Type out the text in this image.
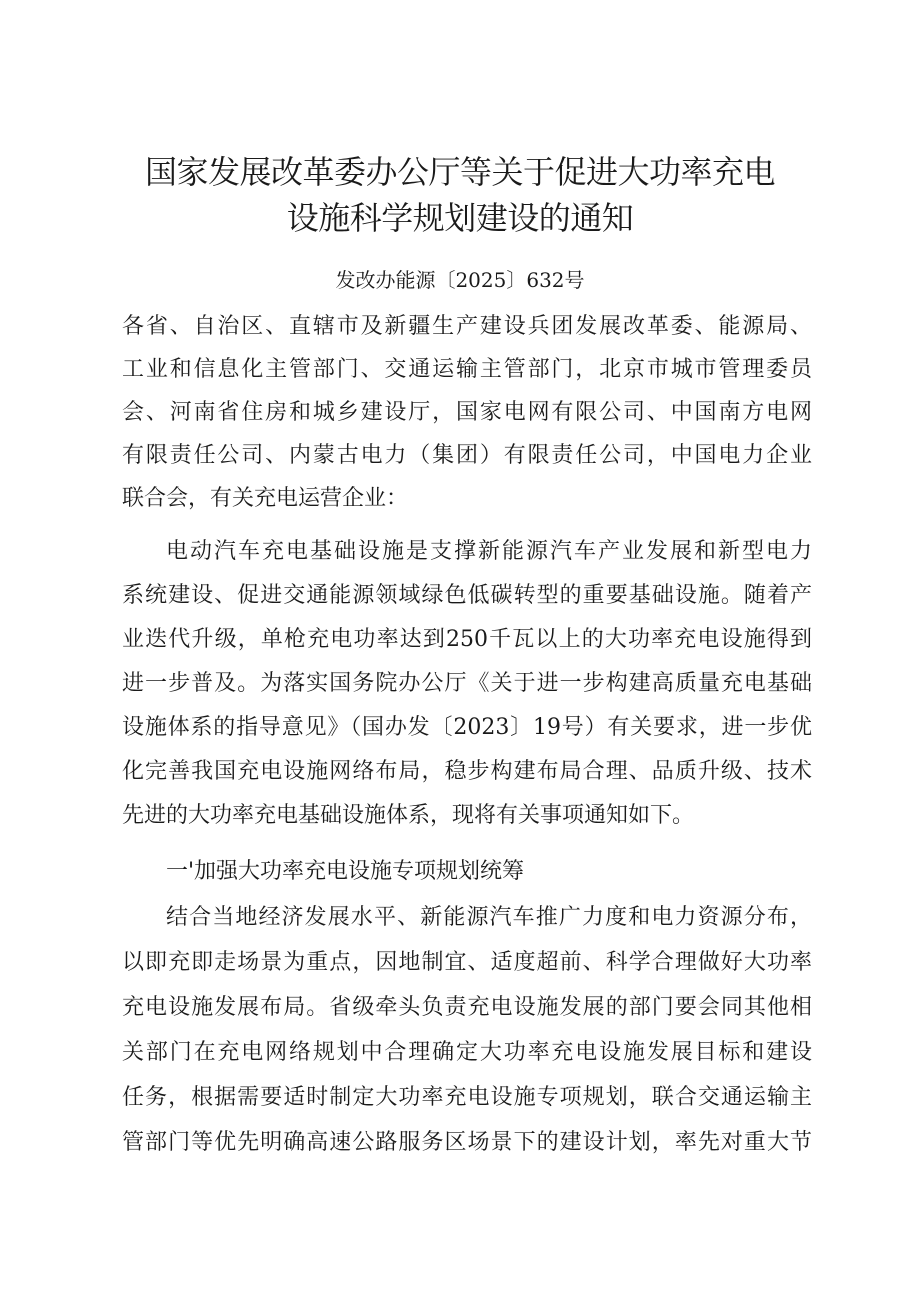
国家发展改革委办公厅等关于促进大功率充电
设施科学规划建设的通知
发改办能源〔2025〕632号
各省、自治区、直辖市及新疆生产建设兵团发展改革委、能源局、
工业和信息化主管部门、交通运输主管部门，北京市城市管理委员
会、河南省住房和城乡建设厅，国家电网有限公司、中国南方电网
有限责任公司、内蒙古电力（集团）有限责任公司，中国电力企业
联合会，有关充电运营企业：
电动汽车充电基础设施是支撑新能源汽车产业发展和新型电力
系统建设、促进交通能源领域绿色低碳转型的重要基础设施。随着产
业迭代升级，单枪充电功率达到250千瓦以上的大功率充电设施得到
进一步普及。为落实国务院办公厅《关于进一步构建高质量充电基础
设施体系的指导意见》（国办发〔2023〕19号）有关要求，进一步优
化完善我国充电设施网络布局，稳步构建布局合理、品质升级、技术
先进的大功率充电基础设施体系，现将有关事项通知如下。
一'加强大功率充电设施专项规划统筹
结合当地经济发展水平、新能源汽车推广力度和电力资源分布，
以即充即走场景为重点，因地制宜、适度超前、科学合理做好大功率
充电设施发展布局。省级牵头负责充电设施发展的部门要会同其他相
关部门在充电网络规划中合理确定大功率充电设施发展目标和建设
任务，根据需要适时制定大功率充电设施专项规划，联合交通运输主
管部门等优先明确高速公路服务区场景下的建设计划，率先对重大节
